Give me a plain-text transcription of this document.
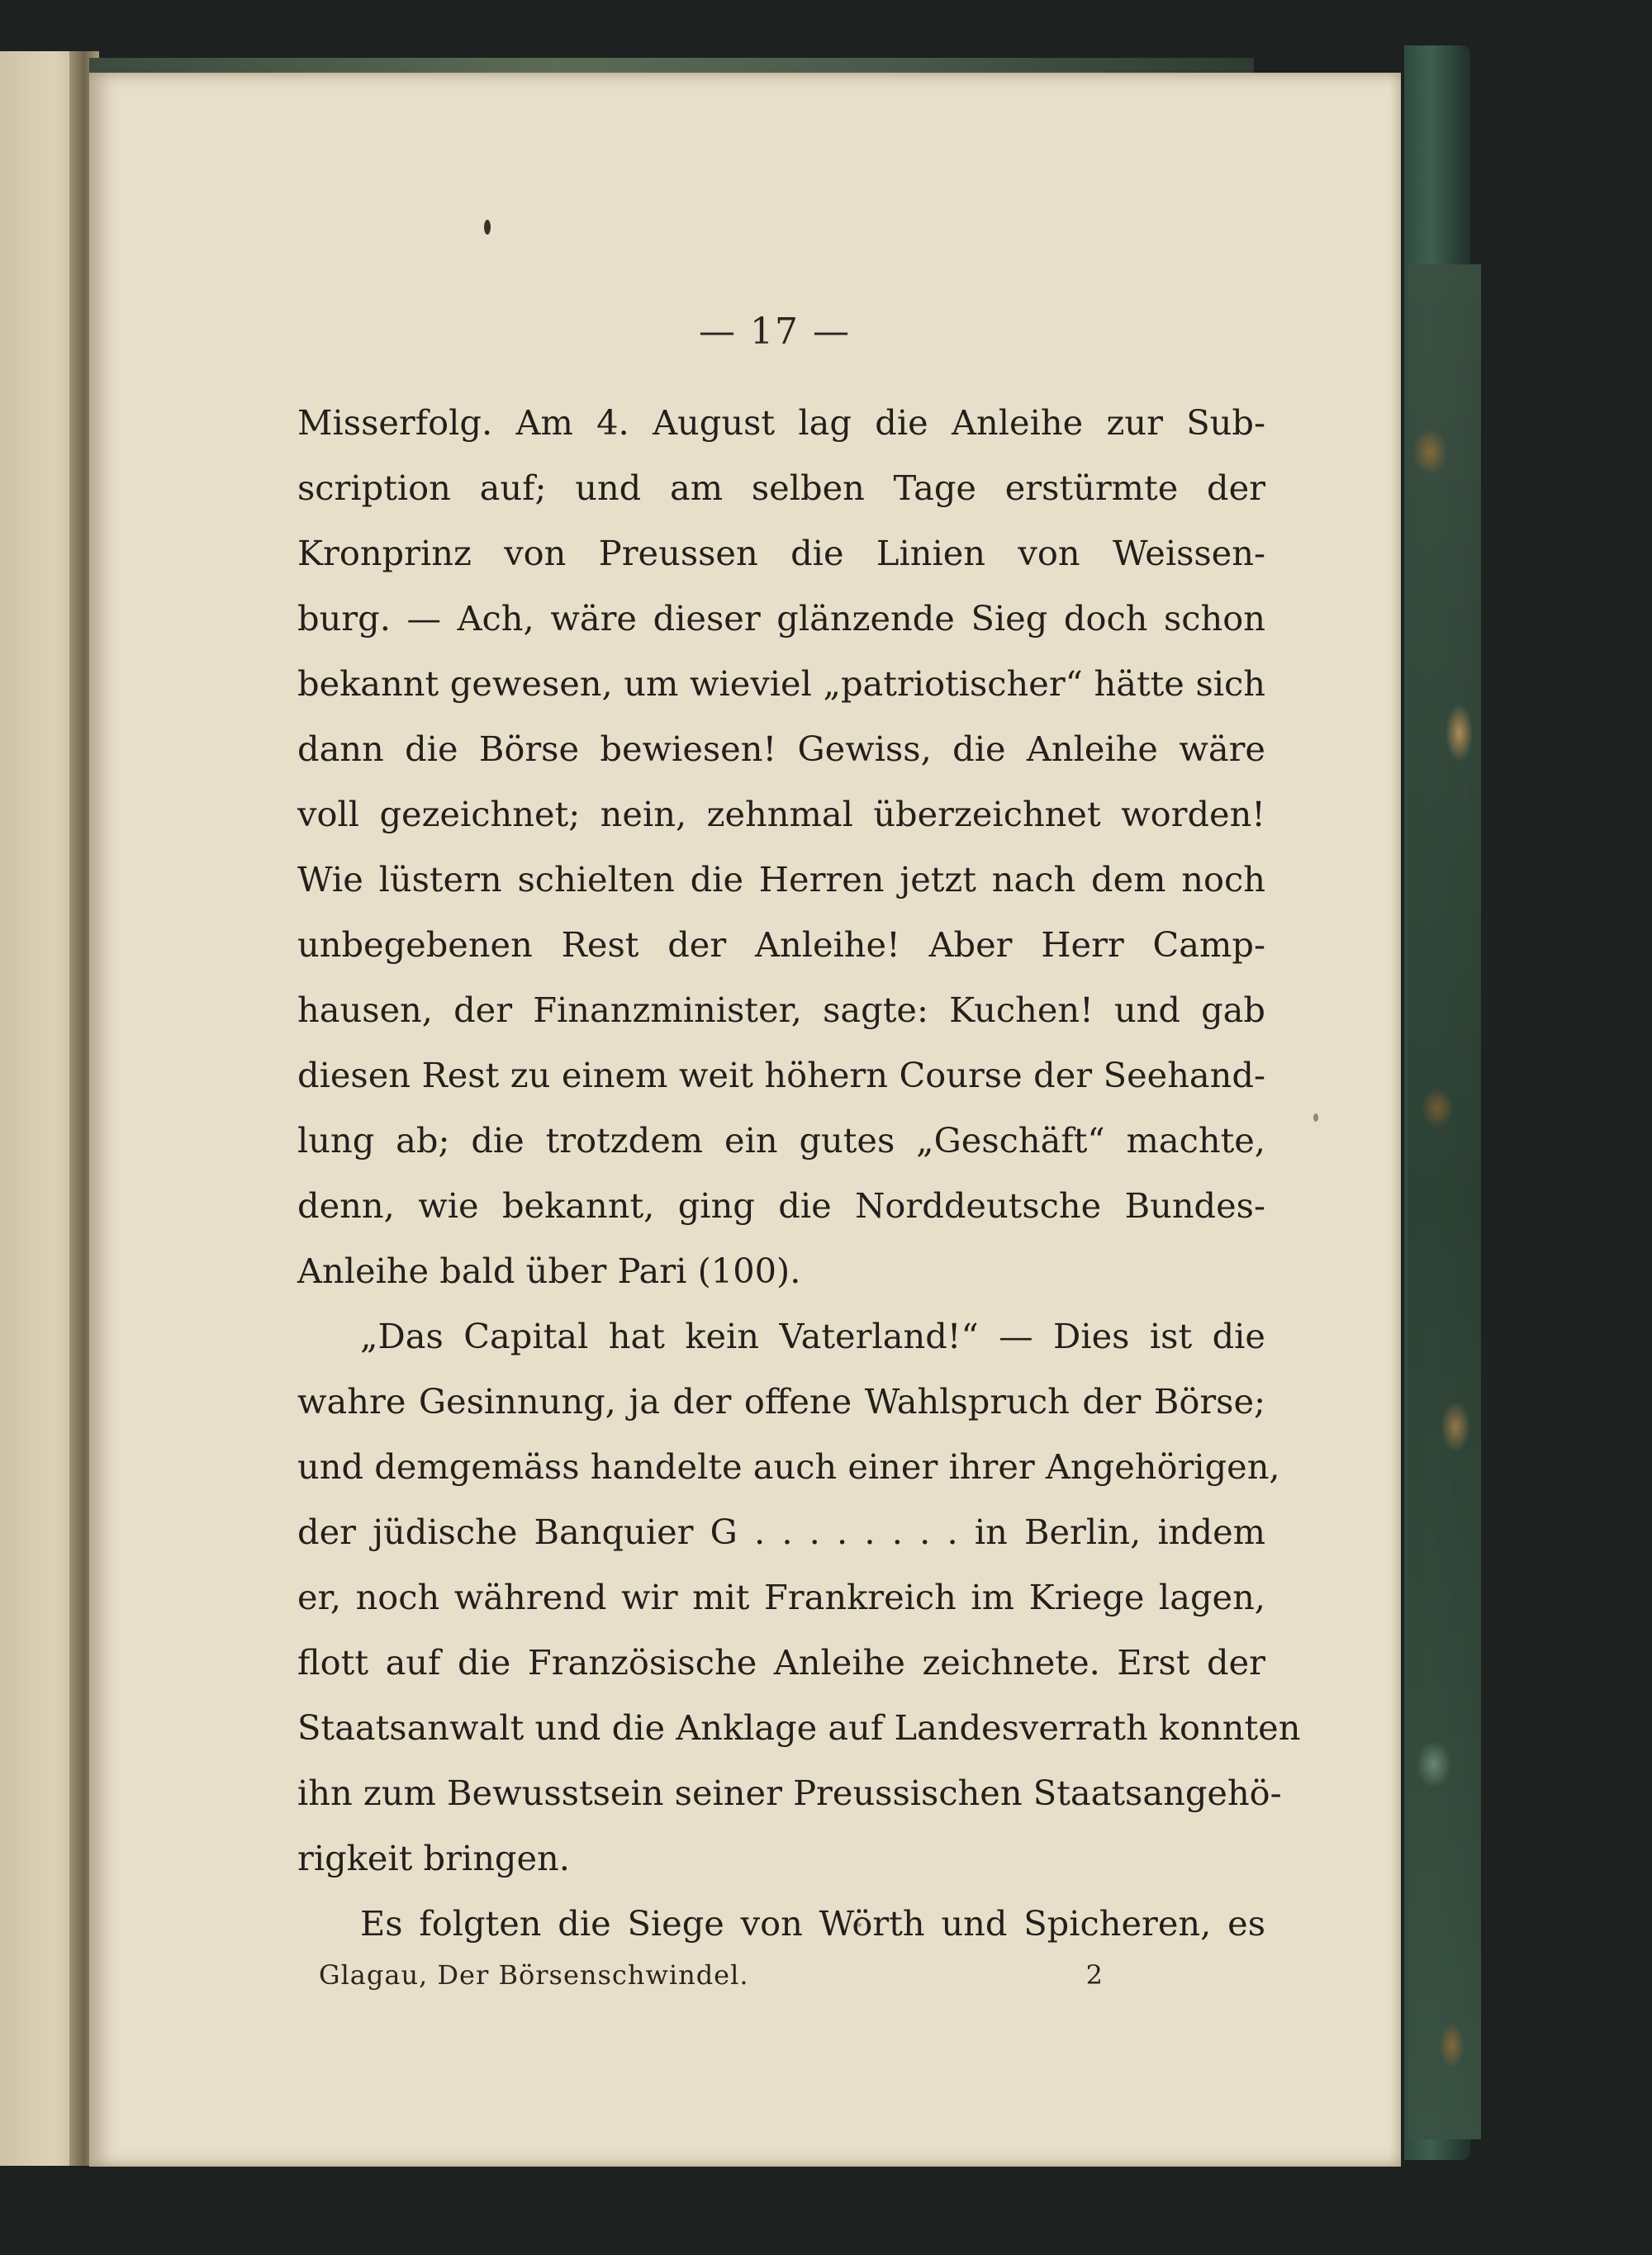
— 17 —
Misserfolg. Am 4. August lag die Anleihe zur Sub-
scription auf; und am selben Tage erstürmte der
Kronprinz von Preussen die Linien von Weissen-
burg. — Ach, wäre dieser glänzende Sieg doch schon
bekannt gewesen, um wieviel „patriotischer“ hätte sich
dann die Börse bewiesen! Gewiss, die Anleihe wäre
voll gezeichnet; nein, zehnmal überzeichnet worden!
Wie lüstern schielten die Herren jetzt nach dem noch
unbegebenen Rest der Anleihe! Aber Herr Camp-
hausen, der Finanzminister, sagte: Kuchen! und gab
diesen Rest zu einem weit höhern Course der Seehand-
lung ab; die trotzdem ein gutes „Geschäft“ machte,
denn, wie bekannt, ging die Norddeutsche Bundes-
Anleihe bald über Pari (100).
„Das Capital hat kein Vaterland!“ — Dies ist die
wahre Gesinnung, ja der offene Wahlspruch der Börse;
und demgemäss handelte auch einer ihrer Angehörigen,
der jüdische Banquier G . . . . . . . . in Berlin, indem
er, noch während wir mit Frankreich im Kriege lagen,
flott auf die Französische Anleihe zeichnete. Erst der
Staatsanwalt und die Anklage auf Landesverrath konnten
ihn zum Bewusstsein seiner Preussischen Staatsangehö-
rigkeit bringen.
Es folgten die Siege von Wörth und Spicheren, es
Glagau, Der Börsenschwindel.	2
